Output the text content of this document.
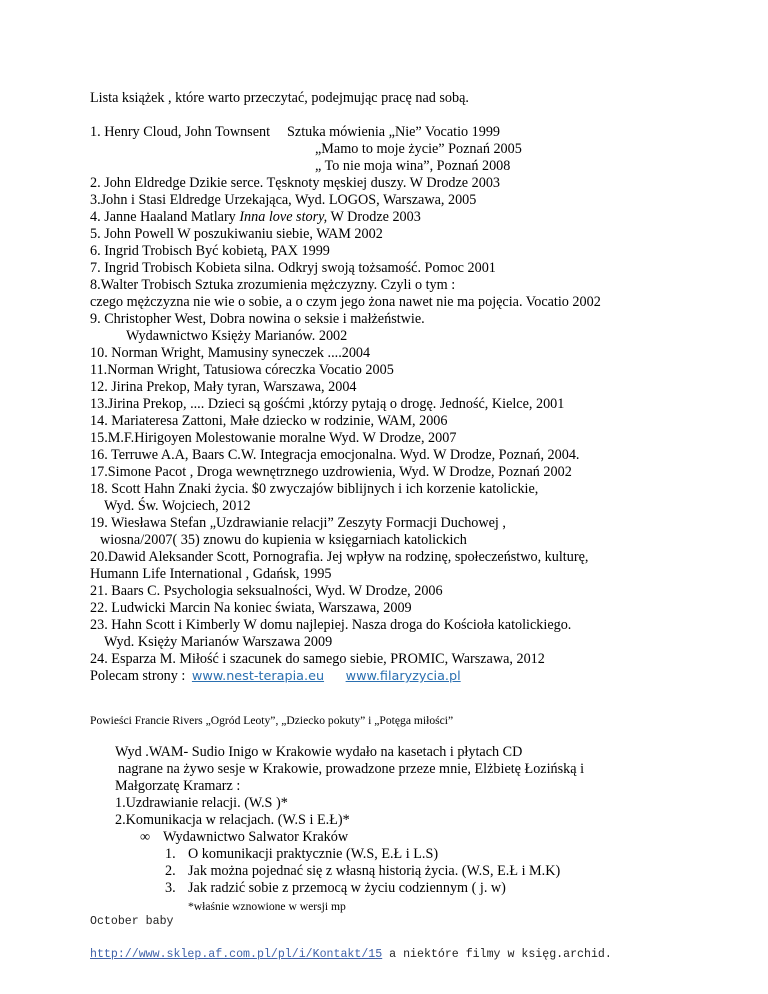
Lista książek , które warto przeczytać, podejmując pracę nad sobą.
1. Henry Cloud, John Townsent Sztuka mówienia „Nie” Vocatio 1999
„Mamo to moje życie” Poznań 2005
„ To nie moja wina”, Poznań 2008
2. John Eldredge Dzikie serce. Tęsknoty męskiej duszy. W Drodze 2003
3.John i Stasi Eldredge Urzekająca, Wyd. LOGOS, Warszawa, 2005
4. Janne Haaland Matlary Inna love story, W Drodze 2003
5. John Powell W poszukiwaniu siebie, WAM 2002
6. Ingrid Trobisch Być kobietą, PAX 1999
7. Ingrid Trobisch Kobieta silna. Odkryj swoją tożsamość. Pomoc 2001
8.Walter Trobisch Sztuka zrozumienia mężczyzny. Czyli o tym :
czego mężczyzna nie wie o sobie, a o czym jego żona nawet nie ma pojęcia. Vocatio 2002
9. Christopher West, Dobra nowina o seksie i małżeństwie.
Wydawnictwo Księży Marianów. 2002
10. Norman Wright, Mamusiny syneczek ....2004
11.Norman Wright, Tatusiowa córeczka Vocatio 2005
12. Jirina Prekop, Mały tyran, Warszawa, 2004
13.Jirina Prekop, .... Dzieci są gośćmi ,którzy pytają o drogę. Jedność, Kielce, 2001
14. Mariateresa Zattoni, Małe dziecko w rodzinie, WAM, 2006
15.M.F.Hirigoyen Molestowanie moralne Wyd. W Drodze, 2007
16. Terruwe A.A, Baars C.W. Integracja emocjonalna. Wyd. W Drodze, Poznań, 2004.
17.Simone Pacot , Droga wewnętrznego uzdrowienia, Wyd. W Drodze, Poznań 2002
18. Scott Hahn Znaki życia. $0 zwyczajów biblijnych i ich korzenie katolickie,
Wyd. Św. Wojciech, 2012
19. Wiesława Stefan „Uzdrawianie relacji” Zeszyty Formacji Duchowej ,
wiosna/2007( 35) znowu do kupienia w księgarniach katolickich
20.Dawid Aleksander Scott, Pornografia. Jej wpływ na rodzinę, społeczeństwo, kulturę,
Humann Life International , Gdańsk, 1995
21. Baars C. Psychologia seksualności, Wyd. W Drodze, 2006
22. Ludwicki Marcin Na koniec świata, Warszawa, 2009
23. Hahn Scott i Kimberly W domu najlepiej. Nasza droga do Kościoła katolickiego.
Wyd. Księży Marianów Warszawa 2009
24. Esparza M. Miłość i szacunek do samego siebie, PROMIC, Warszawa, 2012
Polecam strony : www.nest-terapia.eu www.filaryzycia.pl
Powieści Francie Rivers „Ogród Leoty”, „Dziecko pokuty” i „Potęga miłości”
Wyd .WAM- Sudio Inigo w Krakowie wydało na kasetach i płytach CD
nagrane na żywo sesje w Krakowie, prowadzone przeze mnie, Elżbietę Łozińską i
Małgorzatę Kramarz :
1.Uzdrawianie relacji. (W.S )*
2.Komunikacja w relacjach. (W.S i E.Ł)*
∞ Wydawnictwo Salwator Kraków
1. O komunikacji praktycznie (W.S, E.Ł i L.S)
2. Jak można pojednać się z własną historią życia. (W.S, E.Ł i M.K)
3. Jak radzić sobie z przemocą w życiu codziennym ( j. w)
*właśnie wznowione w wersji mp
October baby
http://www.sklep.af.com.pl/pl/i/Kontakt/15 a niektóre filmy w księg.archid.
